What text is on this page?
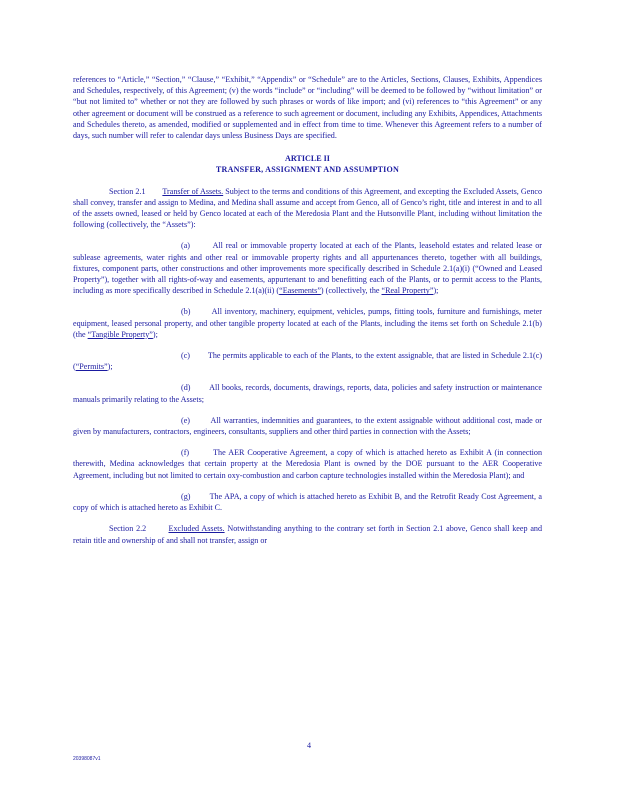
references to “Article,” “Section,” “Clause,” “Exhibit,” “Appendix” or “Schedule” are to the Articles, Sections, Clauses, Exhibits, Appendices and Schedules, respectively, of this Agreement; (v) the words “include” or “including” will be deemed to be followed by “without limitation” or “but not limited to” whether or not they are followed by such phrases or words of like import; and (vi) references to “this Agreement” or any other agreement or document will be construed as a reference to such agreement or document, including any Exhibits, Appendices, Attachments and Schedules thereto, as amended, modified or supplemented and in effect from time to time. Whenever this Agreement refers to a number of days, such number will refer to calendar days unless Business Days are specified.

ARTICLE II
TRANSFER, ASSIGNMENT AND ASSUMPTION

Section 2.1 Transfer of Assets. Subject to the terms and conditions of this Agreement, and excepting the Excluded Assets, Genco shall convey, transfer and assign to Medina, and Medina shall assume and accept from Genco, all of Genco’s right, title and interest in and to all of the assets owned, leased or held by Genco located at each of the Meredosia Plant and the Hutsonville Plant, including without limitation the following (collectively, the “Assets”):

(a)	All real or immovable property located at each of the Plants, leasehold estates and related lease or sublease agreements, water rights and other real or immovable property rights and all appurtenances thereto, together with all buildings, fixtures, component parts, other constructions and other improvements more specifically described in Schedule 2.1(a)(i) (“Owned and Leased Property”), together with all rights-of-way and easements, appurtenant to and benefitting each of the Plants, or to permit access to the Plants, including as more specifically described in Schedule 2.1(a)(ii) (“Easements”) (collectively, the “Real Property”);

(b)	All inventory, machinery, equipment, vehicles, pumps, fitting tools, furniture and furnishings, meter equipment, leased personal property, and other tangible property located at each of the Plants, including the items set forth on Schedule 2.1(b) (the “Tangible Property”);

(c) The permits applicable to each of the Plants, to the extent assignable, that are listed in Schedule 2.1(c) (“Permits”);

(d) All books, records, documents, drawings, reports, data, policies and safety instruction or maintenance manuals primarily relating to the Assets;

(e)	All warranties, indemnities and guarantees, to the extent assignable without additional cost, made or given by manufacturers, contractors, engineers, consultants, suppliers and other third parties in connection with the Assets;

(f)	The AER Cooperative Agreement, a copy of which is attached hereto as Exhibit A (in connection therewith, Medina acknowledges that certain property at the Meredosia Plant is owned by the DOE pursuant to the AER Cooperative Agreement, including but not limited to certain oxy-combustion and carbon capture technologies installed within the Meredosia Plant); and

(g) The APA, a copy of which is attached hereto as Exhibit B, and the Retrofit Ready Cost Agreement, a copy of which is attached hereto as Exhibit C.

Section 2.2	Excluded Assets. Notwithstanding anything to the contrary set forth in Section 2.1 above, Genco shall keep and retain title and ownership of and shall not transfer, assign or

4
20398087v1
